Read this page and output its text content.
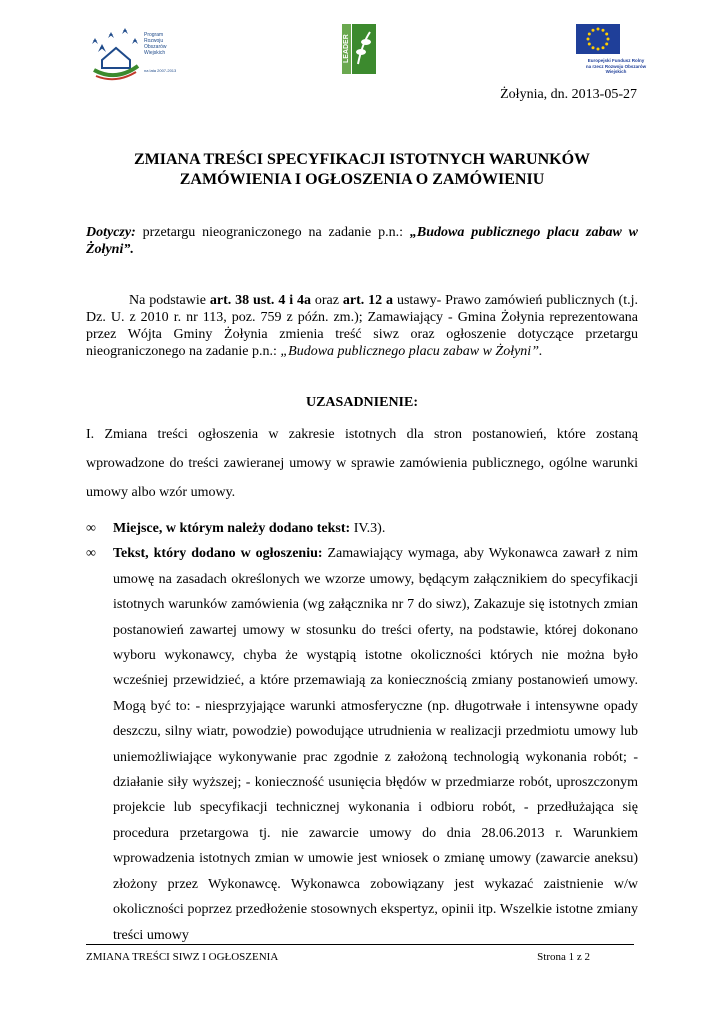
Program
Rozwoju
Obszarów
Wiejskich
na lata 2007-2013
LEADER	Europejski Fundusz Rolny
na rzecz Rozwoju Obszarów Wiejskich
Żołynia, dn. 2013-05-27
ZMIANA TREŚCI SPECYFIKACJI ISTOTNYCH WARUNKÓW
ZAMÓWIENIA I OGŁOSZENIA O ZAMÓWIENIU
Dotyczy: przetargu nieograniczonego na zadanie p.n.: „Budowa publicznego placu zabaw w Żołyni”.
Na podstawie art. 38 ust. 4 i 4a oraz art. 12 a ustawy- Prawo zamówień publicznych (t.j. Dz. U. z 2010 r. nr 113, poz. 759 z późn. zm.); Zamawiający - Gmina Żołynia reprezentowana przez Wójta Gminy Żołynia zmienia treść siwz oraz ogłoszenie dotyczące przetargu nieograniczonego na zadanie p.n.: „Budowa publicznego placu zabaw w Żołyni”.
UZASADNIENIE:
I. Zmiana treści ogłoszenia w zakresie istotnych dla stron postanowień, które zostaną wprowadzone do treści zawieranej umowy w sprawie zamówienia publicznego, ogólne warunki umowy albo wzór umowy.
∞	Miejsce, w którym należy dodano tekst: IV.3).
∞	Tekst, który dodano w ogłoszeniu: Zamawiający wymaga, aby Wykonawca zawarł z nim umowę na zasadach określonych we wzorze umowy, będącym załącznikiem do specyfikacji istotnych warunków zamówienia (wg załącznika nr 7 do siwz), Zakazuje się istotnych zmian postanowień zawartej umowy w stosunku do treści oferty, na podstawie, której dokonano wyboru wykonawcy, chyba że wystąpią istotne okoliczności których nie można było wcześniej przewidzieć, a które przemawiają za koniecznością zmiany postanowień umowy. Mogą być to: - niesprzyjające warunki atmosferyczne (np. długotrwałe i intensywne opady deszczu, silny wiatr, powodzie) powodujące utrudnienia w realizacji przedmiotu umowy lub uniemożliwiające wykonywanie prac zgodnie z założoną technologią wykonania robót; - działanie siły wyższej; - konieczność usunięcia błędów w przedmiarze robót, uproszczonym projekcie lub specyfikacji technicznej wykonania i odbioru robót, - przedłużająca się procedura przetargowa tj. nie zawarcie umowy do dnia 28.06.2013 r. Warunkiem wprowadzenia istotnych zmian w umowie jest wniosek o zmianę umowy (zawarcie aneksu) złożony przez Wykonawcę. Wykonawca zobowiązany jest wykazać zaistnienie w/w okoliczności poprzez przedłożenie stosownych ekspertyz, opinii itp. Wszelkie istotne zmiany treści umowy
ZMIANA TREŚCI SIWZ I OGŁOSZENIA	Strona 1 z 2
